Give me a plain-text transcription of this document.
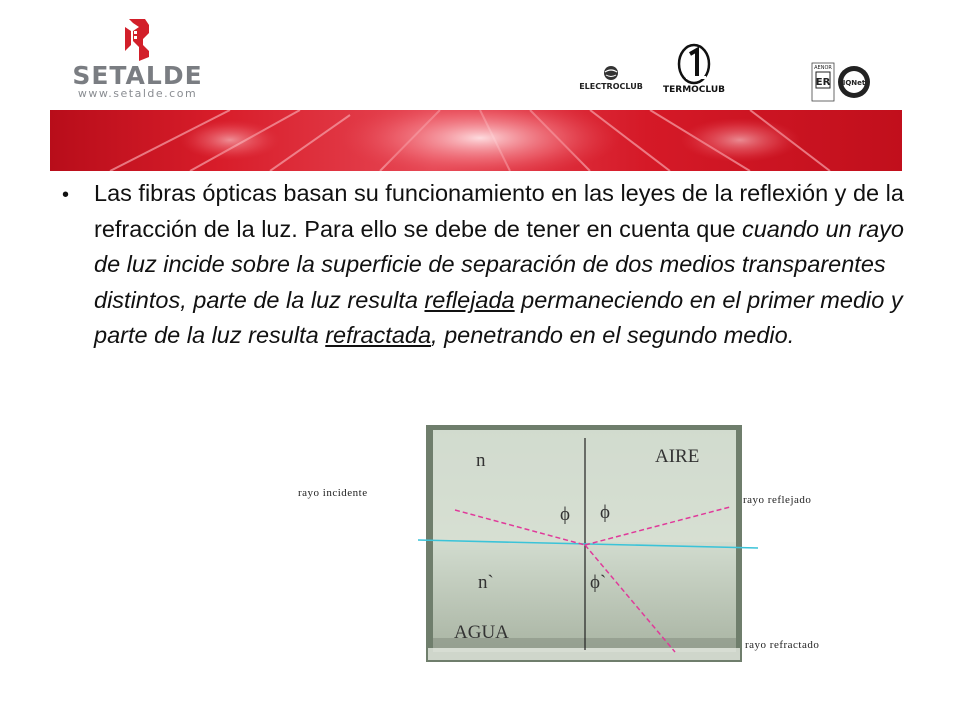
SETALDE
www.setalde.com
ELECTROCLUB	TERMOCLUB
AENOR
ER IQNet
• Las fibras ópticas basan su funcionamiento en las leyes de la reflexión y de la refracción de la luz. Para ello se debe de tener en cuenta que cuando un rayo de luz incide sobre la superficie de separación de dos medios transparentes distintos, parte de la luz resulta reflejada permaneciendo en el primer medio y parte de la luz resulta refractada, penetrando en el segundo medio.
n	AIRE
ϕ ϕ
n`	ϕ`
AGUA
rayo incidente
rayo reflejado
rayo refractado
